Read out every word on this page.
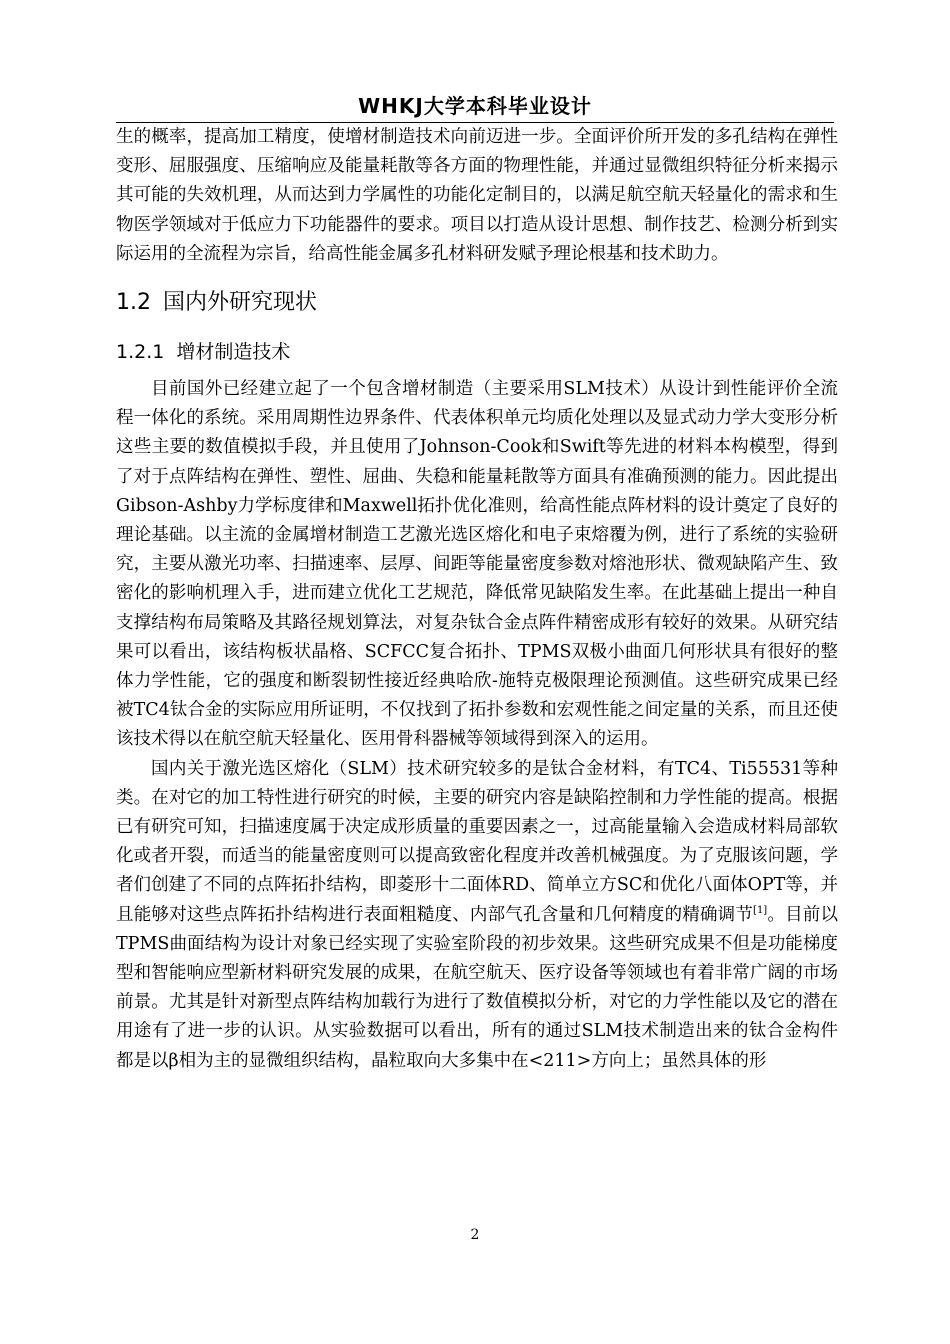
WHKJ大学本科毕业设计

生的概率，提高加工精度，使增材制造技术向前迈进一步。全面评价所开发的多孔结构在弹性变形、屈服强度、压缩响应及能量耗散等各方面的物理性能，并通过显微组织特征分析来揭示其可能的失效机理，从而达到力学属性的功能化定制目的，以满足航空航天轻量化的需求和生物医学领域对于低应力下功能器件的要求。项目以打造从设计思想、制作技艺、检测分析到实际运用的全流程为宗旨，给高性能金属多孔材料研发赋予理论根基和技术助力。

1.2 国内外研究现状
1.2.1 增材制造技术

目前国外已经建立起了一个包含增材制造（主要采用SLM技术）从设计到性能评价全流程一体化的系统。采用周期性边界条件、代表体积单元均质化处理以及显式动力学大变形分析这些主要的数值模拟手段，并且使用了Johnson-Cook和Swift等先进的材料本构模型，得到了对于点阵结构在弹性、塑性、屈曲、失稳和能量耗散等方面具有准确预测的能力。因此提出Gibson-Ashby力学标度律和Maxwell拓扑优化准则，给高性能点阵材料的设计奠定了良好的理论基础。以主流的金属增材制造工艺激光选区熔化和电子束熔覆为例，进行了系统的实验研究，主要从激光功率、扫描速率、层厚、间距等能量密度参数对熔池形状、微观缺陷产生、致密化的影响机理入手，进而建立优化工艺规范，降低常见缺陷发生率。在此基础上提出一种自支撑结构布局策略及其路径规划算法，对复杂钛合金点阵件精密成形有较好的效果。从研究结果可以看出，该结构板状晶格、SCFCC复合拓扑、TPMS双极小曲面几何形状具有很好的整体力学性能，它的强度和断裂韧性接近经典哈欣-施特克极限理论预测值。这些研究成果已经被TC4钛合金的实际应用所证明，不仅找到了拓扑参数和宏观性能之间定量的关系，而且还使该技术得以在航空航天轻量化、医用骨科器械等领域得到深入的运用。

国内关于激光选区熔化（SLM）技术研究较多的是钛合金材料，有TC4、Ti55531等种类。在对它的加工特性进行研究的时候，主要的研究内容是缺陷控制和力学性能的提高。根据已有研究可知，扫描速度属于决定成形质量的重要因素之一，过高能量输入会造成材料局部软化或者开裂，而适当的能量密度则可以提高致密化程度并改善机械强度。为了克服该问题，学者们创建了不同的点阵拓扑结构，即菱形十二面体RD、简单立方SC和优化八面体OPT等，并且能够对这些点阵拓扑结构进行表面粗糙度、内部气孔含量和几何精度的精确调节[1]。目前以TPMS曲面结构为设计对象已经实现了实验室阶段的初步效果。这些研究成果不但是功能梯度型和智能响应型新材料研究发展的成果，在航空航天、医疗设备等领域也有着非常广阔的市场前景。尤其是针对新型点阵结构加载行为进行了数值模拟分析，对它的力学性能以及它的潜在用途有了进一步的认识。从实验数据可以看出，所有的通过SLM技术制造出来的钛合金构件都是以β相为主的显微组织结构，晶粒取向大多集中在<211>方向上；虽然具体的形

2
